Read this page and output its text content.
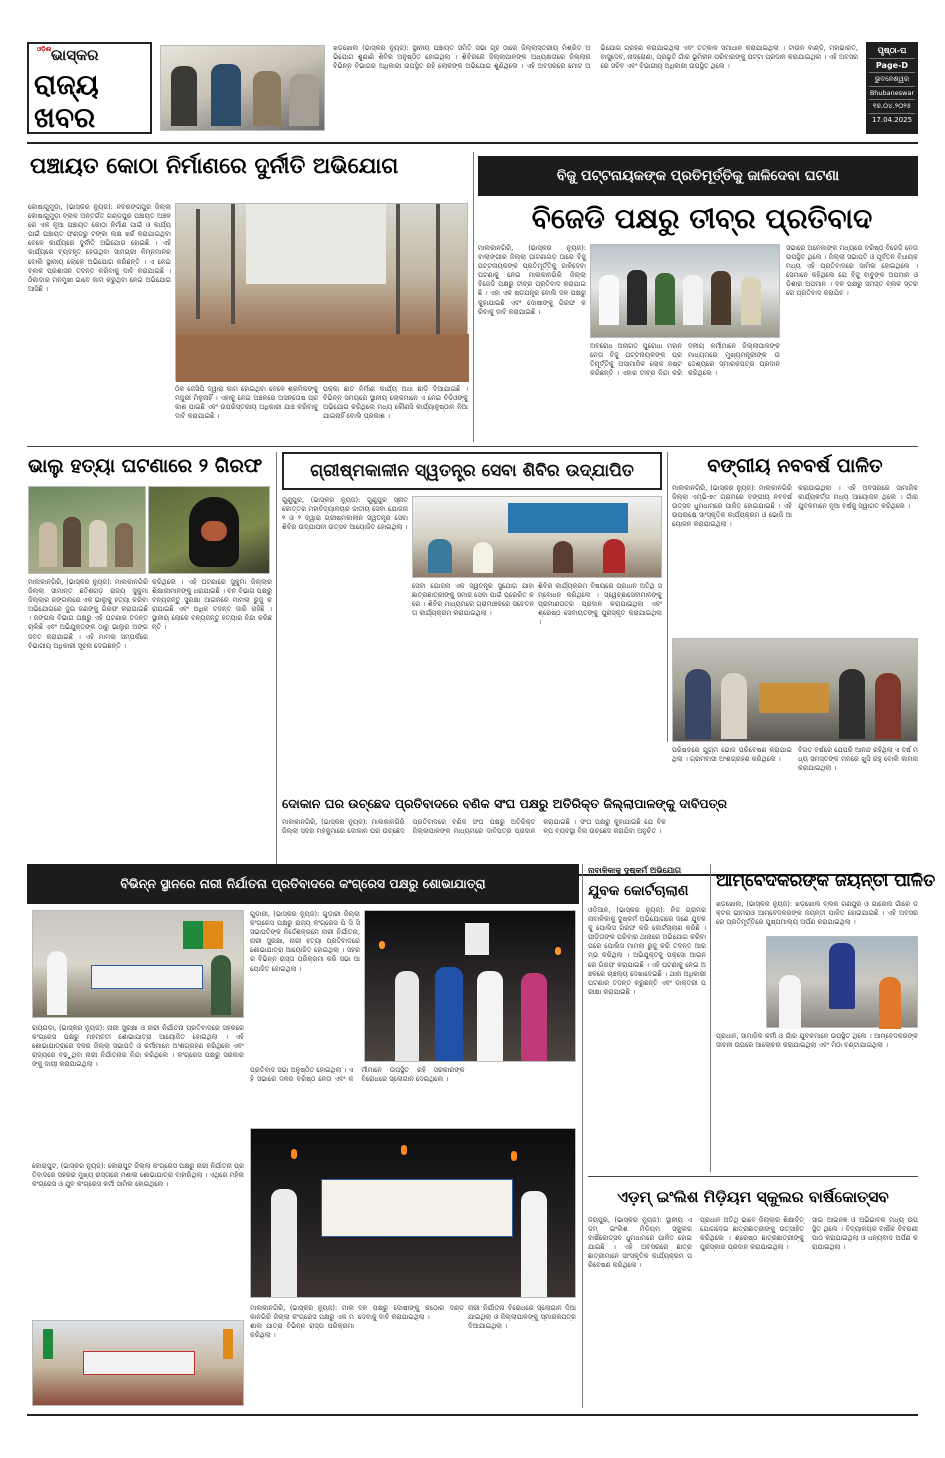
ଓଡ଼ିଶା ଭାସ୍କର
ରାଜ୍ୟ
ଖବର
ଖଡ଼ଖୋଲ (ଭାସ୍କର ନ୍ୟୁଜ): ସ୍ଥାନୀୟ ପଞ୍ଚାୟତ ସମିତି ସଭା ଗୃହ ଠାରେ ଜିଲ୍ଲାସ୍ତରୀୟ ମିଶ୍ରିତ ଅଭିଯୋଗ ଶୁଣାଣି ଶିବିର ଅନୁଷ୍ଠିତ ହୋଇଥିଲା । ଶିବିରରେ ଜିଲ୍ଲାପାଳଙ୍କ ଅଧ୍ୟକ୍ଷତାରେ ଜିଲ୍ଲାର ବିଭିନ୍ନ ବିଭାଗର ଅଧିକାରୀ ଉପସ୍ଥିତ ରହି ଲୋକଙ୍କ ଅଭିଯୋଗ ଶୁଣିଥିଲେ । ଏହି ଅବସରରେ ମୋଟ ଅଭିଯୋଗ ଗ୍ରହଣ କରାଯାଇଥିଲା ଏବଂ ତତ୍କାଳ ସମାଧାନ କରାଯାଇଥିଲା । ଟାଉନ ବାଣ୍ଡି, ମହାଭାରତ, ବାସୁଦେବ, ନାଦ୍ରୋଣା, ପ୍ରଭୃତି ଗାଁର ଭୂମିହୀନ ପରିବାରଙ୍କୁ ପଟ୍ଟା ପ୍ରଦାନ କରାଯାଇଥିଲା । ଏହି ଅବସରରେ ସଚିବ ଏବଂ ବିଭାଗୀୟ ଅଧିକାରୀ ଉପସ୍ଥିତ ଥିଲେ ।
ପୃଷ୍ଠା-ଘ
Page-D
ଭୁବନେଶ୍ୱର
Bhubaneswar
୧୭.୦୪.୨୦୨୫
17.04.2025
ପଞ୍ଚାୟତ କୋଠା ନିର୍ମାଣରେ ଦୁର୍ନୀତି ଅଭିଯୋଗ
କୋଷାଗୁମୁଡ଼ା, (ଭାସ୍କର ନ୍ୟୁଜ): ନବରଙ୍ଗପୁର ଜିଲ୍ଲା କୋଷାଗୁମୁଡ଼ା ବ୍ଲକ ଅନ୍ତର୍ଗତ ଗଣ୍ଡପୁର ପଞ୍ଚାୟତ ଅଞ୍ଚଳରେ ଏକ ନୂଆ ପଞ୍ଚାୟତ କୋଠା ନିର୍ମାଣ ପାଇଁ ଓ କାର୍ଯ୍ୟ ପାଇଁ ପଞ୍ଚାୟତ ଫଣ୍ଡରୁ ଟଙ୍କା ଲକ୍ଷ ଖର୍ଚ୍ଚ କରାଯାଇଥିବା ବେଳେ କାର୍ଯ୍ୟରେ ଦୁର୍ନୀତି ଅଭିଯୋଗ ହୋଇଛି । ଏହି କାର୍ଯ୍ୟରେ ବ୍ୟବହୃତ ହେଉଥିବା ସାମଗ୍ରୀ ନିମ୍ନମାନର ବୋଲି ସ୍ଥାନୀୟ ଲୋକେ ଅଭିଯୋଗ କରିଛନ୍ତି । ଏ ନେଇ ବ୍ଲକ ପ୍ରଶାସନ ତଦନ୍ତ କରିବାକୁ ଦାବି କରାଯାଇଛି । ଠିକାଦାର ମନମୁଖୀ ଭାବେ କାମ କରୁଥିବା ନେଇ ଅଭିଯୋଗ ଆସିଛି ।
ଠିକ ଜେସିପି ଦ୍ୱାରା କାମ ହୋଇଥିବା ବେଳେ ଶ୍ରମିକଙ୍କୁ ମଜୁରୀ ମିଳୁନାହିଁ । ଏହାକୁ ନେଇ ଅଞ୍ଚଳରେ ଅସନ୍ତୋଷ ପ୍ରକାଶ ପାଇଛି ଏବଂ ଉପରିସ୍ତରୀୟ ଅଧିକାରୀ ଯାଞ୍ଚ କରିବାକୁ ଦାବି କରାଯାଇଛି ।
ପକ୍କା ଛାତ ନିର୍ମାଣ କାର୍ଯ୍ୟ ଅଧା ଛାଡ଼ି ଦିଆଯାଇଛି । ବିଭିନ୍ନ ସମୟରେ ସ୍ଥାନୀୟ ଲୋକମାନେ ଏ ନେଇ ବିଡ଼ିଓଙ୍କୁ ଅଭିଯୋଗ କରିଥିଲେ ମଧ୍ୟ କୌଣସି କାର୍ଯ୍ୟାନୁଷ୍ଠାନ ନିଆଯାଇନାହିଁ ବୋଲି ପ୍ରକାଶ ।
ବିଜୁ ପଟ୍ଟନାୟକଙ୍କ ପ୍ରତିମୂର୍ତ୍ତିକୁ ଜାଳିଦେବା ଘଟଣା
ବିଜେଡି ପକ୍ଷରୁ ତୀବ୍ର ପ୍ରତିବାଦ
ମାଲକାନଗିରି, (ଭାସ୍କର ନ୍ୟୁଜ): ବାଲାଙ୍ଗୀର ଜିଲ୍ଲା ପାଟଣାଗଡ଼ ଠାରେ ବିଜୁ ପଟ୍ଟନାୟକଙ୍କ ପ୍ରତିମୂର୍ତ୍ତିକୁ ଜାଳିଦେବା ଘଟଣାକୁ ନେଇ ମାଲକାନଗିରି ଜିଲ୍ଲା ବିଜେଡି ପକ୍ଷରୁ ତୀବ୍ର ପ୍ରତିବାଦ କରାଯାଇଛି । ଏହା ଏକ ଷଡ଼ଯନ୍ତ୍ର ବୋଲି ଦଳ ପକ୍ଷରୁ କୁହାଯାଇଛି ଏବଂ ଦୋଷୀଙ୍କୁ ଗିରଫ କରିବାକୁ ଦାବି କରାଯାଇଛି ।
ଅବରୋଧ ଅନାଗତ ପୁରୋଧା ମହାନ ନେତା ବିଜୁ ପଟ୍ଟନାୟକଙ୍କ ପ୍ରତିମୂର୍ତ୍ତିକୁ ଅସାମାଜିକ ଲୋକ ନଷ୍ଟ କରିଛନ୍ତି । ଏହାର ତୀବ୍ର ନିନ୍ଦା କରି ଦଳୀୟ କର୍ମୀମାନେ ଜିଲ୍ଲାପାଳଙ୍କ ମାଧ୍ୟମରେ ମୁଖ୍ୟମନ୍ତ୍ରୀଙ୍କ ଉଦ୍ଦେଶ୍ୟରେ ସ୍ମାରକପତ୍ର ପ୍ରଦାନ କରିଥିଲେ ।
ସଭାରେ ଅନେକାଙ୍କ ମଧ୍ୟରେ ବରିଷ୍ଠ ବିଜେଡି ନେତା ଉପସ୍ଥିତ ଥିଲେ । ଜିଲ୍ଲା ସଭାପତି ଓ ପୂର୍ବତନ ବିଧାୟକ ମଧ୍ୟ ଏହି ପ୍ରତିବାଦରେ ସାମିଲ ହୋଇଥିଲେ । ସେମାନେ କହିଥିଲେ ଯେ ବିଜୁ ବାବୁଙ୍କ ଅପମାନ ଓଡ଼ିଶାର ଅପମାନ । ଦଳ ପକ୍ଷରୁ ସମସ୍ତ ବ୍ଲକ ସ୍ତରରେ ପ୍ରତିବାଦ କରାଯିବ ।
ଭାଲୁ ହତ୍ୟା ଘଟଣାରେ ୨ ଗିରଫ
ମାଲକାନଗିରି, (ଭାସ୍କର ନ୍ୟୁଜ): ମାଲକାନଗିରି ଜିଲ୍ଲା ସୀମାନ୍ତ ଛତିଶଗଡ଼ ରାଜ୍ୟ ସୁକୁମା ଜିଲ୍ଲାର ଜଙ୍ଗଲରେ ଏକ ଭାଲୁକୁ ହତ୍ୟା କରିବା ଅଭିଯୋଗରେ ଦୁଇ ଜଣଙ୍କୁ ଗିରଫ କରାଯାଇଛି । ଜଙ୍ଗଲ ବିଭାଗ ପକ୍ଷରୁ ଏହି ଘଟଣାର ତଦନ୍ତ ଚାଲିଛି ଏବଂ ଅଭିଯୁକ୍ତଙ୍କ ଠାରୁ ଭାଲୁର ଅଙ୍ଗ ଜବତ କରାଯାଇଛି । ଏହି ମାମଲା ସମ୍ପର୍କରେ ବିଭାଗୀୟ ଅଧିକାରୀ ସୂଚନା ଦେଇଛନ୍ତି ।
କରିଥିଲେ । ଏହି ଘଟଣାରେ ସୁକୁମା ଜିଲ୍ଲାର ଶିକ୍ଷାରୀମାନଙ୍କୁ ଧରାଯାଇଛି । ବନ ବିଭାଗ ପକ୍ଷରୁ ବନ୍ୟଜନ୍ତୁ ସୁରକ୍ଷା ଆଇନରେ ମାମଲା ରୁଜୁ କରାଯାଇଛି ଏବଂ ଅଧିକ ତଦନ୍ତ ଜାରି ରହିଛି । ସ୍ଥାନୀୟ ଲୋକେ ବନ୍ୟଜନ୍ତୁ ହତ୍ୟାର ନିନ୍ଦା କରିଛନ୍ତି ।
ଗ୍ରୀଷ୍ମକାଳୀନ ସ୍ୱତନ୍ତ୍ର ସେବା ଶିବିର ଉଦ୍ଯାପିତ
ଗୁଣୁପୁର, (ଭାସ୍କର ନ୍ୟୁଜ): ଗୁଣୁପୁର ସ୍ନାତକୋତ୍ତର ମହାବିଦ୍ୟାଳୟର ଜାତୀୟ ସେବା ଯୋଜନା ୧ ଓ ୨ ଦ୍ୱାରା ଗ୍ରୀଷ୍ମକାଳୀନ ସ୍ୱତନ୍ତ୍ର ସେବା ଶିବିର ଉଦ୍ଯାପନୀ ଉତ୍ସବ ଆୟୋଜିତ ହୋଇଥିଲା ।
ସେବା ଯୋଜନା ଏକ ସ୍ୱତନ୍ତ୍ର ସୁଯୋଗ ଯାହା ଛାତ୍ରଛାତ୍ରୀଙ୍କୁ ସମାଜ ସେବା ପାଇଁ ପ୍ରେରିତ କରେ । ଶିବିର ମାଧ୍ୟମରେ ଗ୍ରାମାଞ୍ଚଳରେ ସଚେତନତା କାର୍ଯ୍ୟକ୍ରମ କରାଯାଇଥିଲା ।
ଶିବିର କାର୍ଯ୍ୟକ୍ରମ ବିଷୟରେ ପ୍ରଧାନ ଅତିଥି ସମ୍ବୋଧନ କରିଥିଲେ । ସ୍ୱେଚ୍ଛାସେବୀମାନଙ୍କୁ ପ୍ରମାଣପତ୍ର ପ୍ରଦାନ କରାଯାଇଥିଲା ଏବଂ ଶ୍ରେଷ୍ଠ ସେବାୟତଙ୍କୁ ପୁରସ୍କୃତ କରାଯାଇଥିଲା ।
ବଙ୍ଗୀୟ ନବବର୍ଷ ପାଳିତ
ମାଲକାନଗିରି, (ଭାସ୍କର ନ୍ୟୁଜ): ମାଲକାନଗିରି ଜିଲ୍ଲା ଏମ୍‌ଭି-୭୯ ଗ୍ରାମରେ ବଙ୍ଗୀୟ ନବବର୍ଷ ଉତ୍ସବ ଧୁମଧାମରେ ପାଳିତ ହୋଇଯାଇଛି । ଏହି ଉପଲକ୍ଷେ ସାଂସ୍କୃତିକ କାର୍ଯ୍ୟକ୍ରମ ଓ ଭୋଜି ଆୟୋଜନ କରାଯାଇଥିଲା ।
କରାଯାଇଥିଲା । ଏହି ଅବସରରେ ସାମାଜିକ କାର୍ଯ୍ୟକର୍ତ୍ତା ମଧ୍ୟ ଆୟୋଜକ ଥିଲେ । ଗାଁର ଯୁବକମାନେ ନୂଆ ବର୍ଷକୁ ସ୍ୱାଗତ କରିଥିଲେ ।
ପରିଷଦରେ ଯୁଗ୍ମ ଭୋଜ ପରିବେଷଣ କରାଯାଇଥିଲା । ଗ୍ରାମବାସୀ ଅଂଶଗ୍ରହଣ କରିଥିଲେ ।
ବିଗତ ବର୍ଷରେ ଯେପରି ଆନନ୍ଦ ରହିଥିଲା ଏ ବର୍ଷ ମଧ୍ୟ ସମସ୍ତଙ୍କ ମନରେ ଖୁସି ରହୁ ବୋଲି କାମନା କରାଯାଇଥିଲା ।
ଦୋକାନ ଘର ଉଚ୍ଛେଦ ପ୍ରତିବାଦରେ ବଣିକ ସଂଘ ପକ୍ଷରୁ ଅତିରିକ୍ତ ଜିଲ୍ଲାପାଳଙ୍କୁ ଦାବିପତ୍ର
ମାଲକାନଗିରି, (ଭାସ୍କର ନ୍ୟୁଜ): ମାଲକାନଗିରି ଜିଲ୍ଲା ସଦର ମହକୁମାରେ ଦୋକାନ ଘର ଉଚ୍ଛେଦ ପ୍ରତିବାଦରେ ବଣିକ ସଂଘ ପକ୍ଷରୁ ଅତିରିକ୍ତ ଜିଲ୍ଲାପାଳଙ୍କ ମାଧ୍ୟମରେ ଦାବିପତ୍ର ପ୍ରଦାନ କରାଯାଇଛି । ସଂଘ ପକ୍ଷରୁ କୁହାଯାଇଛି ଯେ ବିକଳ୍ପ ବ୍ୟବସ୍ଥା ବିନା ଉଚ୍ଛେଦ କରାଯିବା ଅନୁଚିତ ।
ବିଭିନ୍ନ ସ୍ଥାନରେ ନାରୀ ନିର୍ଯାତନା ପ୍ରତିବାଦରେ କଂଗ୍ରେସ ପକ୍ଷରୁ ଶୋଭାଯାତ୍ରା
ରାୟଗଡ଼ା, (ଭାସ୍କର ନ୍ୟୁଜ): ନାରୀ ସୁରକ୍ଷା ଓ ନାରୀ ନିର୍ଯାତନା ପ୍ରତିବାଦରେ ସହରରେ କଂଗ୍ରେସ ପକ୍ଷରୁ ମହମବତୀ ଶୋଭାଯାତ୍ରା ଆୟୋଜିତ ହୋଇଥିଲା । ଏହି ଶୋଭାଯାତ୍ରାରେ ଦଳର ଜିଲ୍ଲା ସଭାପତି ଓ କର୍ମୀମାନେ ଅଂଶଗ୍ରହଣ କରିଥିଲେ ଏବଂ ରାଜ୍ୟରେ ବଢ଼ୁଥିବା ନାରୀ ନିର୍ଯାତନାର ନିନ୍ଦା କରିଥିଲେ । କଂଗ୍ରେସ ପକ୍ଷରୁ ସରକାରଙ୍କୁ ଦାୟୀ କରାଯାଇଥିଲା ।
କୋରାପୁଟ, (ଭାସ୍କର ନ୍ୟୁଜ): କୋରାପୁଟ ଜିଲ୍ଲା କଂଗ୍ରେସ ପକ୍ଷରୁ ନାରୀ ନିର୍ଯାତନା ପ୍ରତିବାଦରେ ସହରର ମୁଖ୍ୟ ରାସ୍ତାରେ ମଶାଲ ଶୋଭାଯାତ୍ରା ବାହାରିଥିଲା । ଏଥିରେ ମହିଳା କଂଗ୍ରେସ ଓ ଯୁବ କଂଗ୍ରେସ କର୍ମୀ ସାମିଲ ହୋଇଥିଲେ ।
ଗୁଡ଼ାରୀ, (ଭାସ୍କର ନ୍ୟୁଜ): ଗୁଡ଼ାରୀ ଜିଲ୍ଲା କଂଗ୍ରେସ ପକ୍ଷରୁ ରାଜ୍ୟ କଂଗ୍ରେସ ପି ସି ସି ସଭାପତିଙ୍କ ନିର୍ଦ୍ଦେଶକ୍ରମେ ନାରୀ ନିର୍ଯାତନା, ନାରୀ ସୁରକ୍ଷା, ନାରୀ ହତ୍ୟା ପ୍ରତିବାଦରେ ଶୋଭାଯାତ୍ରା ଆୟୋଜିତ ହୋଇଥିଲା । ସହରର ବିଭିନ୍ନ ରାସ୍ତା ପରିକ୍ରମା କରି ସଭା ଆୟୋଜିତ ହୋଇଥିଲା ।
ପ୍ରତିବାଦ ସଭା ଅନୁଷ୍ଠିତ ହୋଇଥିଲା । ଏହି ସଭାରେ ଦଳର ବରିଷ୍ଠ ନେତା ଏବଂ କର୍ମୀମାନେ ଉପସ୍ଥିତ ରହି ସରକାରଙ୍କ ବିରୋଧରେ ସ୍ଲୋଗାନ ଦେଇଥିଲେ ।
ମାଲକାନଗିରି, (ଭାସ୍କର ନ୍ୟୁଜ): ମାଲକାନଗିରି ଜିଲ୍ଲା କଂଗ୍ରେସ ପକ୍ଷରୁ ଏକ ମଶାଲ ଯାତ୍ରା ବିଭିନ୍ନ ରାସ୍ତା ପରିକ୍ରମା କରିଥିଲା ।
ଦଳ ପକ୍ଷରୁ ଦୋଷୀଙ୍କୁ କଠୋର ଦଣ୍ଡ ଦେବାକୁ ଦାବି କରାଯାଇଥିଲା ।
ନାରୀ ନିର୍ଯାତନା ବିରୋଧରେ ସ୍ଲୋଗାନ ଦିଆଯାଇଥିଲା ଓ ଜିଲ୍ଲାପାଳଙ୍କୁ ସ୍ମାରକପତ୍ର ଦିଆଯାଇଥିଲା ।
ନାବାଳିକାକୁ ଦୁଷ୍କର୍ମ ଅଭିଯୋଗ
ଯୁବକ କୋର୍ଟଚାଲାଣ
ଓଡ଼ିଆନ, (ଭାସ୍କର ନ୍ୟୁଜ): ନିଜ ଗ୍ରାମର ନାବାଳିକାକୁ ଦୁଷ୍କର୍ମ ଅଭିଯୋଗରେ ଜଣେ ଯୁବକକୁ ପୋଲିସ ଗିରଫ କରି କୋର୍ଟଚାଲାଣ କରିଛି । ପୀଡ଼ିତାଙ୍କ ପରିବାର ଥାନାରେ ଅଭିଯୋଗ କରିବା ପରେ ପୋଲିସ ମାମଲା ରୁଜୁ କରି ତଦନ୍ତ ଆରମ୍ଭ କରିଥିଲା । ଅଭିଯୁକ୍ତକୁ ପକ୍ସୋ ଆଇନରେ ଗିରଫ କରାଯାଇଛି । ଏହି ଘଟଣାକୁ ନେଇ ଅଞ୍ଚଳରେ ଚାଞ୍ଚଲ୍ୟ ଦେଖାଦେଇଛି । ଥାନା ଅଧିକାରୀ ଘଟଣାର ତଦନ୍ତ କରୁଛନ୍ତି ଏବଂ ଡାକ୍ତରୀ ପରୀକ୍ଷା କରାଯାଇଛି ।
ଆମ୍ବେଦକରଙ୍କ ଜୟନ୍ତୀ ପାଳିତ
ଖଡ଼ଖୋଲ, (ଭାସ୍କର ନ୍ୟୁଜ): ଖଡ଼ଖୋଲ ବ୍ଲକ ଗଣପୁର ଓ ଗାରେଲ ଗାଁରେ ଡକ୍ଟର ଭୀମରାଓ ଆମ୍ବେଦକରଙ୍କ ଜୟନ୍ତୀ ପାଳିତ ହୋଇଯାଇଛି । ଏହି ଅବସରରେ ପ୍ରତିମୂର୍ତ୍ତିରେ ପୁଷ୍ପମାଲ୍ୟ ଅର୍ପଣ କରାଯାଇଥିଲା ।
ପ୍ରଧାନ, ସାମାଜିକ କର୍ମୀ ଓ ଗାଁର ଯୁବକମାନେ ଉପସ୍ଥିତ ଥିଲେ । ଆମ୍ବେଦକରଙ୍କ ଜୀବନୀ ଉପରେ ଆଲୋଚନା କରାଯାଇଥିଲା ଏବଂ ମିଠା ବଣ୍ଟାଯାଇଥିଲା ।
ଏଡ଼ମ୍ ଇଂଲିଶ ମିଡ଼ିୟମ ସ୍କୁଲର ବାର୍ଷିକୋତ୍ସବ
ଜୟପୁର, (ଭାସ୍କର ନ୍ୟୁଜ): ସ୍ଥାନୀୟ ଏଡ଼ମ୍ ଇଂଲିଶ ମିଡ଼ିୟମ ସ୍କୁଲର ବାର୍ଷିକୋତ୍ସବ ଧୁମଧାମରେ ପାଳିତ ହୋଇଯାଇଛି । ଏହି ଅବସରରେ ଛାତ୍ରଛାତ୍ରୀମାନେ ସାଂସ୍କୃତିକ କାର୍ଯ୍ୟକ୍ରମ ପରିବେଷଣ କରିଥିଲେ ।
ପ୍ରଧାନ ଅତିଥି ଭାବେ ଜିଲ୍ଲାର ଶିକ୍ଷାବିତ୍ ଯୋଗଦେଇ ଛାତ୍ରଛାତ୍ରୀଙ୍କୁ ଉତ୍ସାହିତ କରିଥିଲେ । ଶ୍ରେଷ୍ଠ ଛାତ୍ରଛାତ୍ରୀଙ୍କୁ ପୁରସ୍କାର ପ୍ରଦାନ କରାଯାଇଥିଲା ।
ସାଇ ଆଇନଜ୍ଞ ଓ ଅଭିଭାବକ ମଧ୍ୟ ଉପସ୍ଥିତ ଥିଲେ । ବିଦ୍ୟାଳୟର ବାର୍ଷିକ ବିବରଣୀ ପାଠ କରାଯାଇଥିଲା ଓ ଧନ୍ୟବାଦ ଅର୍ପଣ କରାଯାଇଥିଲା ।
